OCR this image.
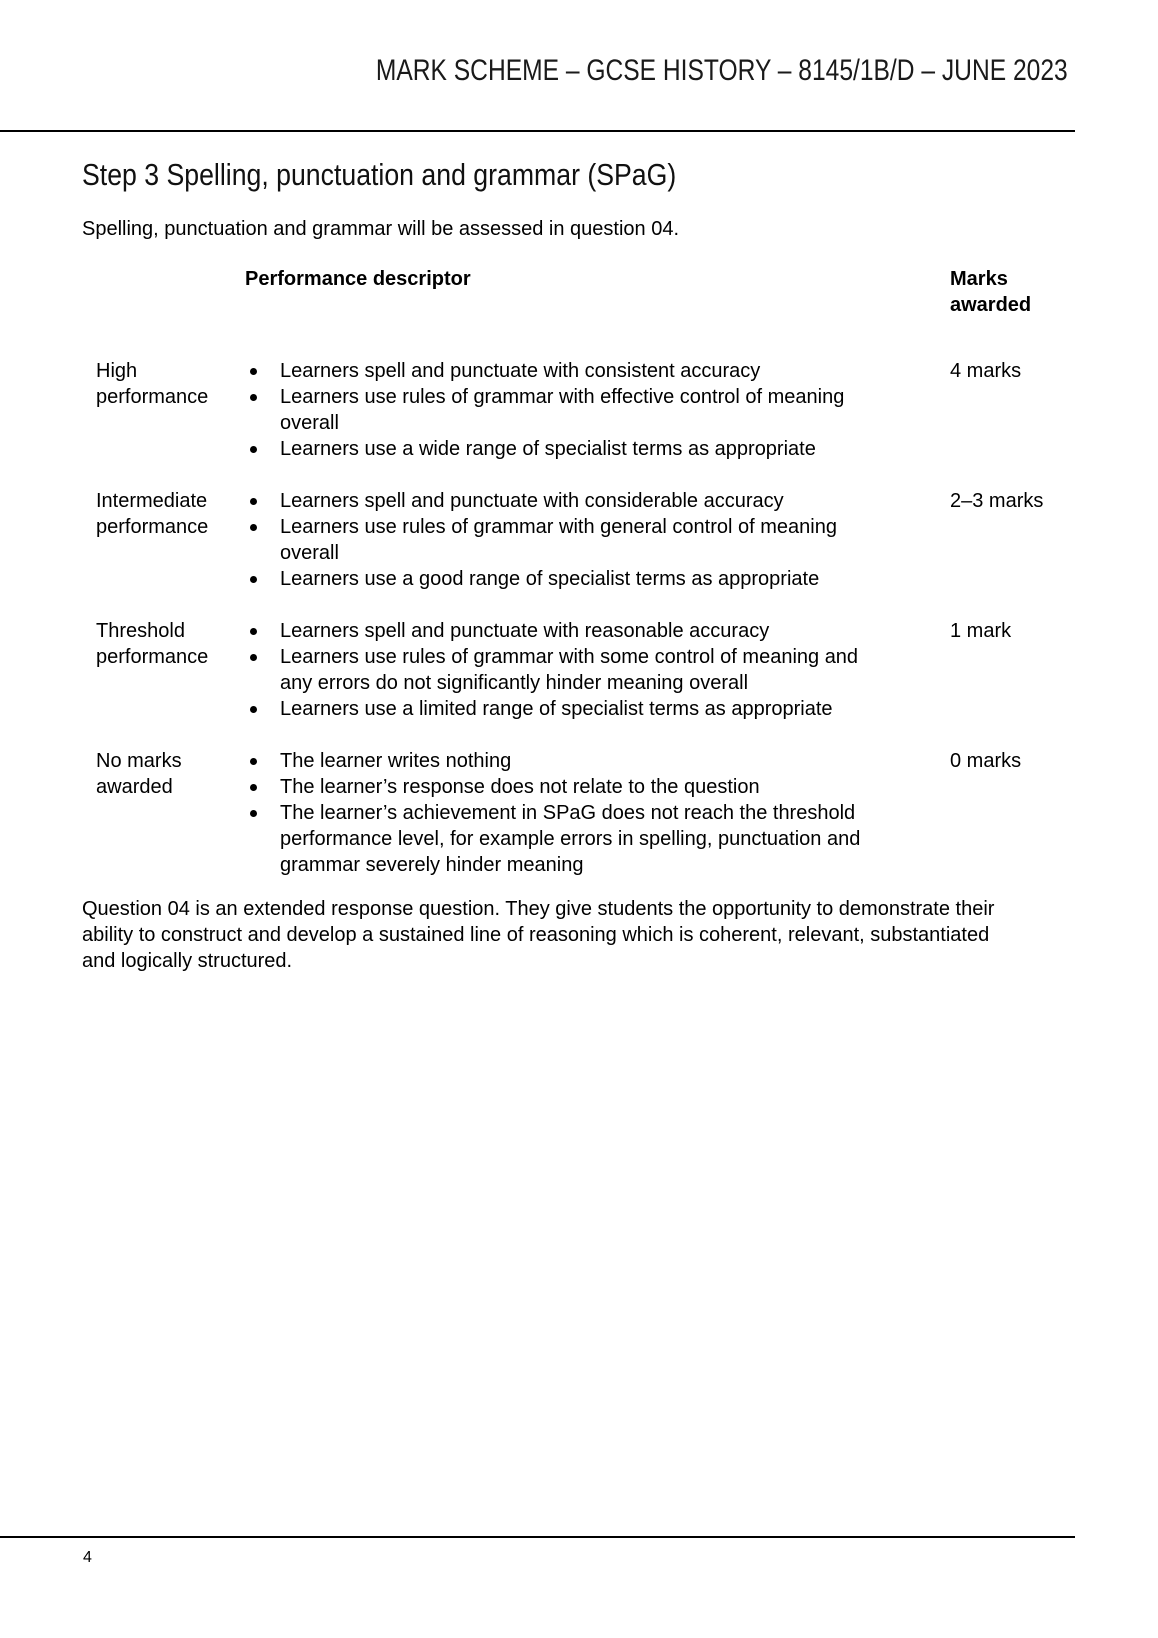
MARK SCHEME – GCSE HISTORY – 8145/1B/D – JUNE 2023
Step 3 Spelling, punctuation and grammar (SPaG)

Spelling, punctuation and grammar will be assessed in question 04.

Performance descriptor	Marks awarded
High performance
Learners spell and punctuate with consistent accuracy
Learners use rules of grammar with effective control of meaning overall
Learners use a wide range of specialist terms as appropriate
4 marks
Intermediate performance
Learners spell and punctuate with considerable accuracy
Learners use rules of grammar with general control of meaning overall
Learners use a good range of specialist terms as appropriate
2–3 marks
Threshold performance
Learners spell and punctuate with reasonable accuracy
Learners use rules of grammar with some control of meaning and any errors do not significantly hinder meaning overall
Learners use a limited range of specialist terms as appropriate
1 mark
No marks awarded
The learner writes nothing
The learner’s response does not relate to the question
The learner’s achievement in SPaG does not reach the threshold performance level, for example errors in spelling, punctuation and grammar severely hinder meaning
0 marks

Question 04 is an extended response question. They give students the opportunity to demonstrate their ability to construct and develop a sustained line of reasoning which is coherent, relevant, substantiated and logically structured.

4
